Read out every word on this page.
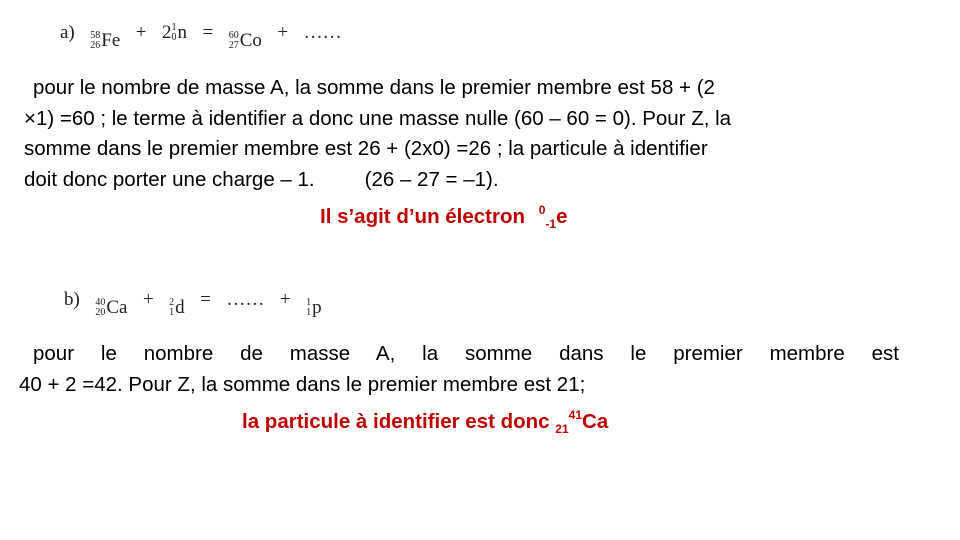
a) 58
26 Fe + 2 1
0 n = 60
27 Co + ……
pour le nombre de masse A, la somme dans le premier membre est 58 + (2
×1) =60 ; le terme à identifier a donc une masse nulle (60 – 60 = 0). Pour Z, la
somme dans le premier membre est 26 + (2x0) =26 ; la particule à identifier
doit donc porter une charge – 1. (26 – 27 = –1).
Il s’agit d’un électron $^0_{-1}$e
b) 40
20 Ca + 2
1 d = …… + 1
1 p
pour le nombre de masse A, la somme dans le premier membre est
40 + 2 =42. Pour Z, la somme dans le premier membre est 21;
la particule à identifier est donc $_{21}^{41}$Ca
